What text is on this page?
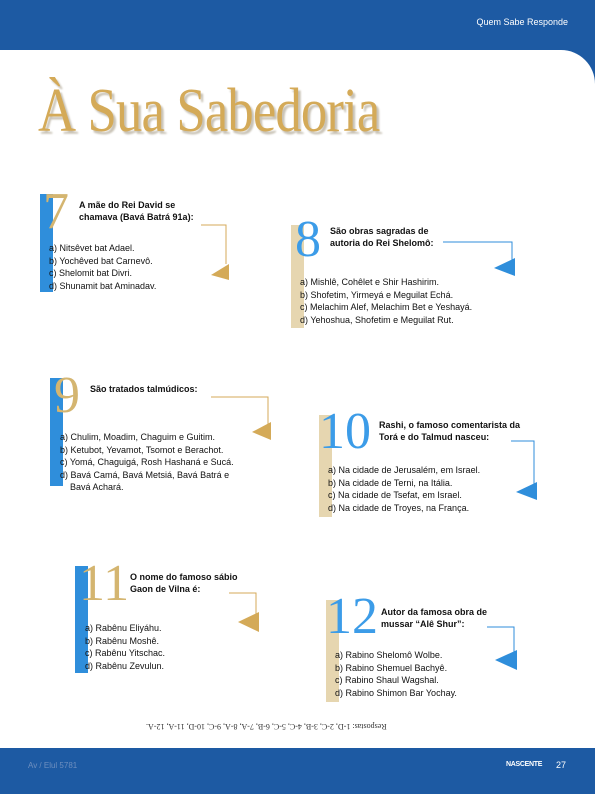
Quem Sabe Responde
À Sua Sabedoria
7 A mãe do Rei David se chamava (Bavá Batrá 91a):
a) Nitsêvet bat Adael.
b) Yochêved bat Carnevô.
c) Shelomit bat Divri.
d) Shunamit bat Aminadav.
8 São obras sagradas de autoria do Rei Shelomô:
a) Mishlê, Cohêlet e Shir Hashirim.
b) Shofetim, Yirmeyá e Meguilat Echá.
c) Melachim Alef, Melachim Bet e Yeshayá.
d) Yehoshua, Shofetim e Meguilat Rut.
9 São tratados talmúdicos:
a) Chulim, Moadim, Chaguim e Guitim.
b) Ketubot, Yevamot, Tsomot e Berachot.
c) Yomá, Chaguigá, Rosh Hashaná e Sucá.
d) Bavá Camá, Bavá Metsiá, Bavá Batrá e
Bavá Achará.
10 Rashi, o famoso comentarista da Torá e do Talmud nasceu:
a) Na cidade de Jerusalém, em Israel.
b) Na cidade de Terni, na Itália.
c) Na cidade de Tsefat, em Israel.
d) Na cidade de Troyes, na França.
11 O nome do famoso sábio Gaon de Vilna é:
a) Rabênu Eliyáhu.
b) Rabênu Moshê.
c) Rabênu Yitschac.
d) Rabênu Zevulun.
12 Autor da famosa obra de mussar “Alê Shur”:
a) Rabino Shelomô Wolbe.
b) Rabino Shemuel Bachyê.
c) Rabino Shaul Wagshal.
d) Rabino Shimon Bar Yochay.
Respostas: 1-D, 2-C, 3-B, 4-C, 5-C, 6-B, 7-A, 8-A, 9-C, 10-D, 11-A, 12-A.
Av / Elul 5781	NASCENTE 27
